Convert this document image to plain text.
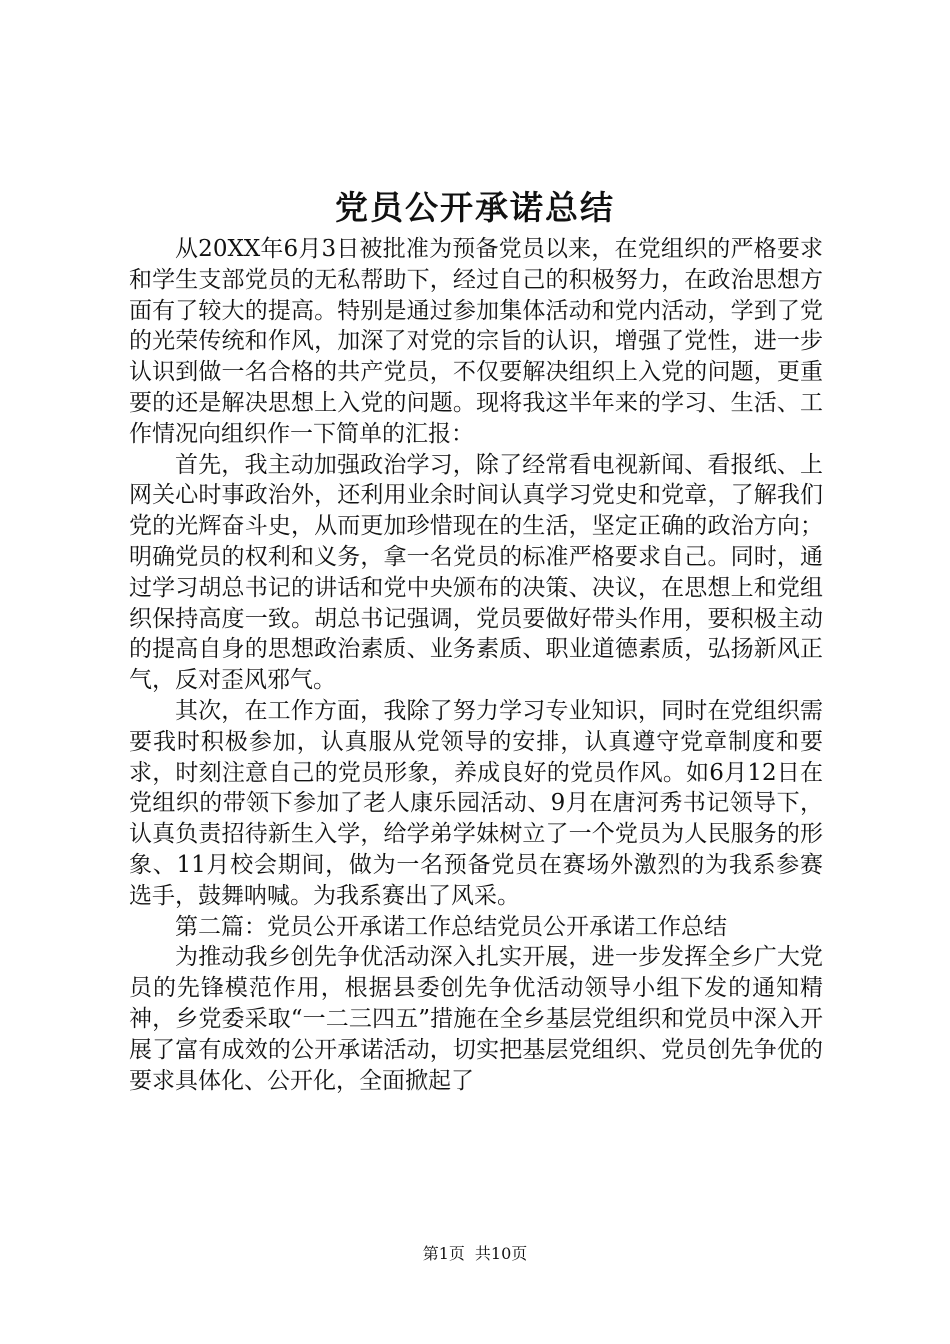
党员公开承诺总结

从20XX年6月3日被批准为预备党员以来，在党组织的严格要求和学生支部党员的无私帮助下，经过自己的积极努力，在政治思想方面有了较大的提高。特别是通过参加集体活动和党内活动，学到了党的光荣传统和作风，加深了对党的宗旨的认识，增强了党性，进一步认识到做一名合格的共产党员，不仅要解决组织上入党的问题，更重要的还是解决思想上入党的问题。现将我这半年来的学习、生活、工作情况向组织作一下简单的汇报：

首先，我主动加强政治学习，除了经常看电视新闻、看报纸、上网关心时事政治外，还利用业余时间认真学习党史和党章，了解我们党的光辉奋斗史，从而更加珍惜现在的生活，坚定正确的政治方向；明确党员的权利和义务，拿一名党员的标准严格要求自己。同时，通过学习胡总书记的讲话和党中央颁布的决策、决议，在思想上和党组织保持高度一致。胡总书记强调，党员要做好带头作用，要积极主动的提高自身的思想政治素质、业务素质、职业道德素质，弘扬新风正气，反对歪风邪气。

其次，在工作方面，我除了努力学习专业知识，同时在党组织需要我时积极参加，认真服从党领导的安排，认真遵守党章制度和要求，时刻注意自己的党员形象，养成良好的党员作风。如6月12日在党组织的带领下参加了老人康乐园活动、9月在唐河秀书记领导下，认真负责招待新生入学，给学弟学妹树立了一个党员为人民服务的形象、11月校会期间，做为一名预备党员在赛场外激烈的为我系参赛选手，鼓舞呐喊。为我系赛出了风采。

第二篇：党员公开承诺工作总结党员公开承诺工作总结

为推动我乡创先争优活动深入扎实开展，进一步发挥全乡广大党员的先锋模范作用，根据县委创先争优活动领导小组下发的通知精神，乡党委采取“一二三四五”措施在全乡基层党组织和党员中深入开展了富有成效的公开承诺活动，切实把基层党组织、党员创先争优的要求具体化、公开化，全面掀起了

第1页 共10页
